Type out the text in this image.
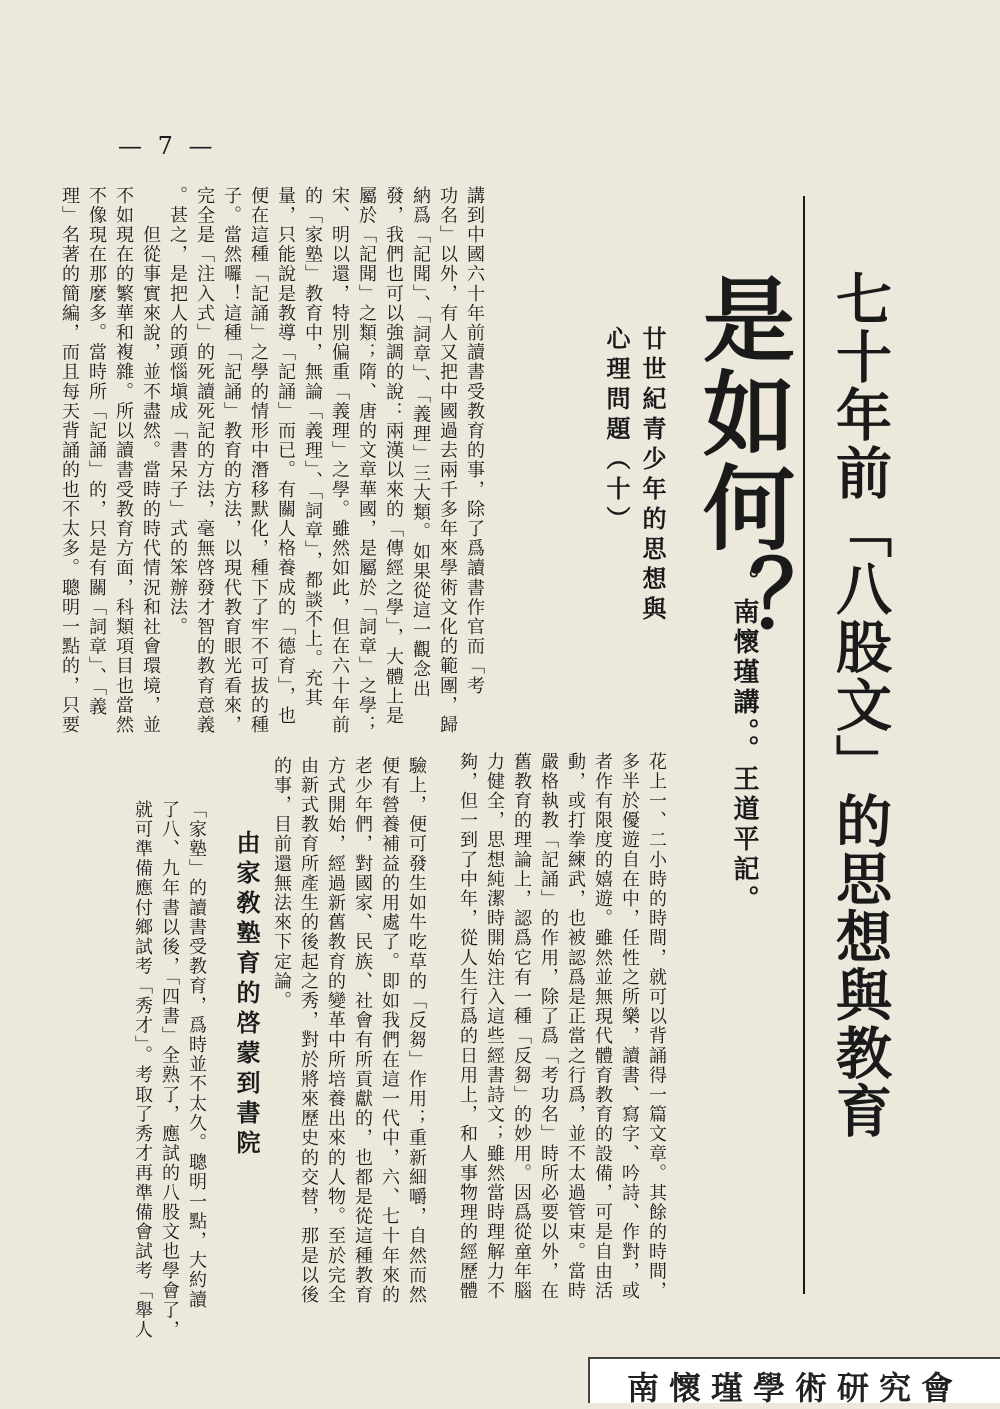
— 7 —
七十年前「八股文」的思想與教育
是如何？
。南懷瑾講。。王道平記。
廿世紀青少年的思想與
心理問題（十）
講到中國六十年前讀書受教育的事，除了爲讀書作官而「考
功名」以外，有人又把中國過去兩千多年來學術文化的範團，歸
納爲「記聞」、「詞章」、「義理」三大類。如果從這一觀念出
發，我們也可以強調的說：兩漢以來的「傳經之學」，大體上是
屬於「記聞」之類；隋、唐的文章華國，是屬於「詞章」之學；
宋、明以還，特別偏重「義理」之學。雖然如此，但在六十年前
的「家塾」教育中，無論「義理」、「詞章」，都談不上。充其
量，只能說是教導「記誦」而已。有關人格養成的「德育」，也
便在這種「記誦」之學的情形中潛移默化，種下了牢不可拔的種
子。當然囉！這種「記誦」教育的方法，以現代教育眼光看來，
完全是「注入式」的死讀死記的方法，毫無啓發才智的教育意義
。甚之，是把人的頭惱塡成「書呆子」式的笨辦法。
　　但從事實來說，並不盡然。當時的時代情況和社會環境，並
不如現在的繁華和複雜。所以讀書受教育方面，科類項目也當然
不像現在那麼多。當時所「記誦」的，只是有關「詞章」、「義
理」名著的簡編，而且每天背誦的也不太多。聰明一點的，只要
花上一、二小時的時間，就可以背誦得一篇文章。其餘的時間，
多半於優遊自在中，任性之所樂，讀書、寫字、吟詩、作對，或
者作有限度的嬉遊。雖然並無現代體育教育的設備，可是自由活
動，或打拳練武，也被認爲是正當之行爲，並不太過管束。當時
嚴格執教「記誦」的作用，除了爲「考功名」時所必要以外，在
舊教育的理論上，認爲它有一種「反芻」的妙用。因爲從童年腦
力健全，思想純潔時開始注入這些經書詩文；雖然當時理解力不
夠，但一到了中年，從人生行爲的日用上，和人事物理的經歷體
驗上，便可發生如牛吃草的「反芻」作用；重新細嚼，自然而然
便有營養補益的用處了。即如我們在這一代中，六、七十年來的
老少年們，對國家、民族、社會有所貢獻的，也都是從這種教育
方式開始，經過新舊教育的變革中所培養出來的人物。至於完全
由新式教育所產生的後起之秀，對於將來歷史的交替，那是以後
的事，目前還無法來下定論。
由家敎塾育的啓蒙到書院
「家塾」的讀書受教育，爲時並不太久。聰明一點，大約讀
了八、九年書以後，「四書」全熟了，應試的八股文也學會了，
就可準備應付鄉試考「秀才」。考取了秀才再準備會試考「舉人
南懷瑾學術研究會
